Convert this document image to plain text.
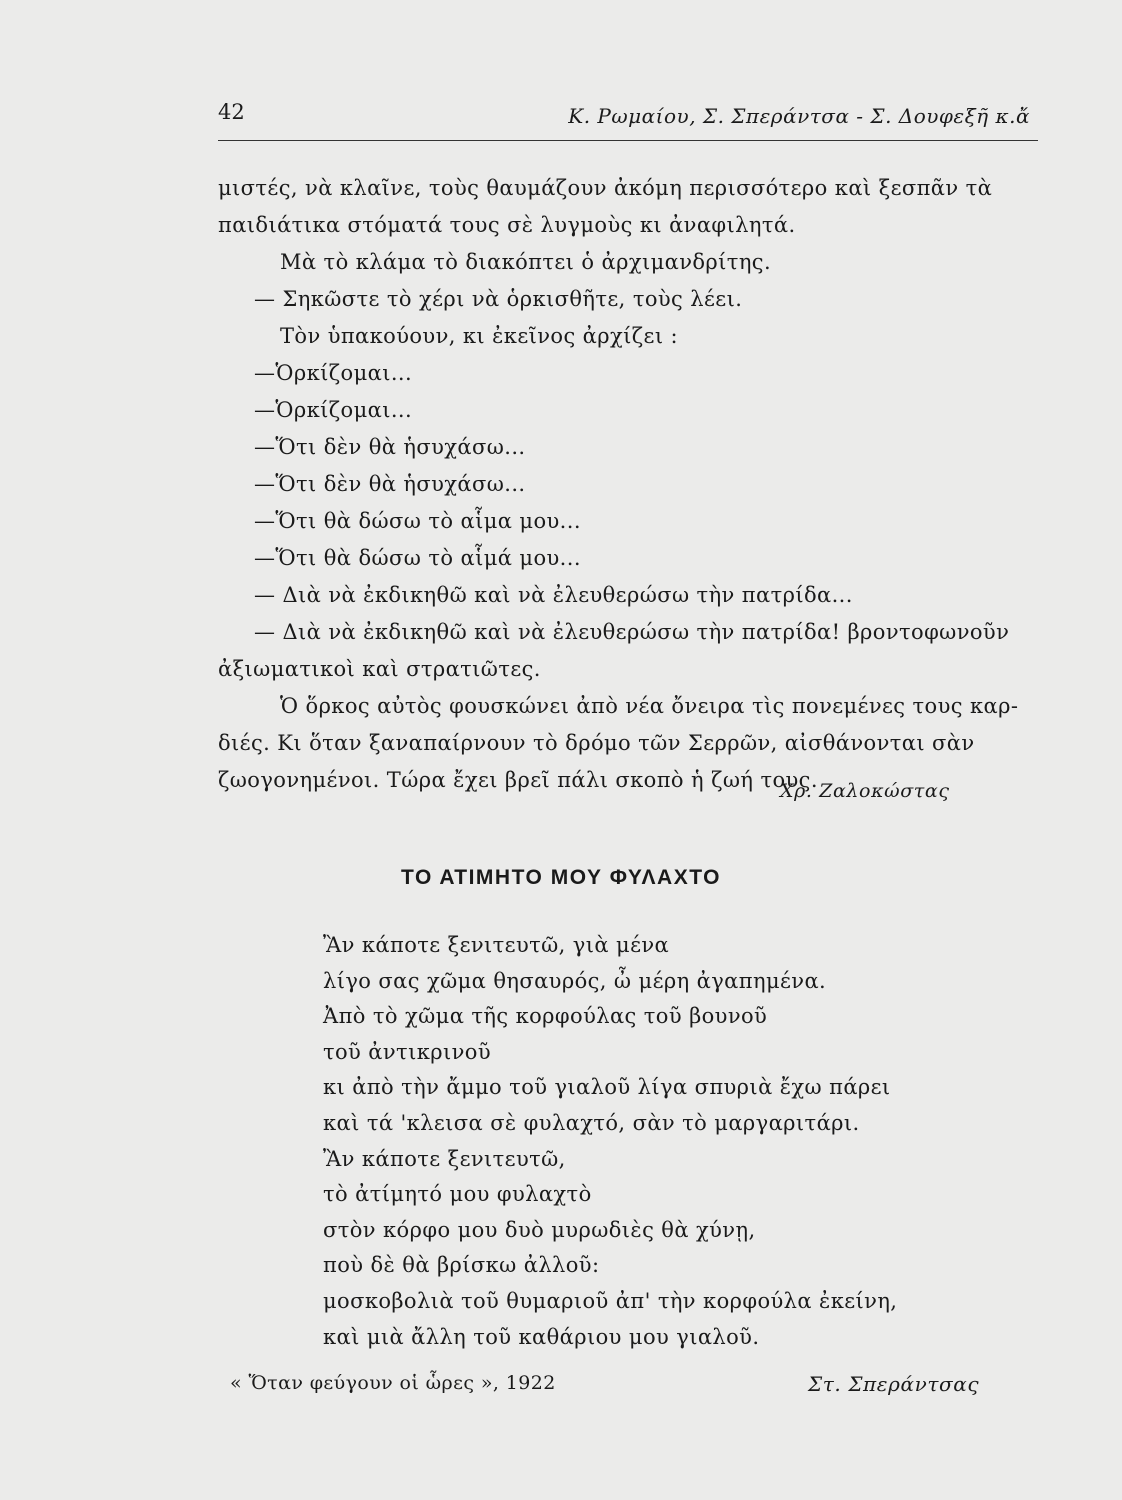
42	Κ. Ρωμαίου, Σ. Σπεράντσα - Σ. Δουφεξῆ κ.ἄ
μιστές, νὰ κλαῖνε, τοὺς θαυμάζουν ἀκόμη περισσότερο καὶ ξεσπᾶν τὰ
παιδιάτικα στόματά τους σὲ λυγμοὺς κι ἀναφιλητά.
Μὰ τὸ κλάμα τὸ διακόπτει ὁ ἀρχιμανδρίτης.
— Σηκῶστε τὸ χέρι νὰ ὁρκισθῆτε, τοὺς λέει.
Τὸν ὑπακούουν, κι ἐκεῖνος ἀρχίζει :
—Ὁρκίζομαι...
—Ὁρκίζομαι...
—Ὅτι δὲν θὰ ἡσυχάσω...
—Ὅτι δὲν θὰ ἡσυχάσω...
—Ὅτι θὰ δώσω τὸ αἷμα μου...
—Ὅτι θὰ δώσω τὸ αἷμά μου...
— Διὰ νὰ ἐκδικηθῶ καὶ νὰ ἐλευθερώσω τὴν πατρίδα...
— Διὰ νὰ ἐκδικηθῶ καὶ νὰ ἐλευθερώσω τὴν πατρίδα! βροντοφωνοῦν
ἀξιωματικοὶ καὶ στρατιῶτες.
Ὁ ὅρκος αὐτὸς φουσκώνει ἀπὸ νέα ὄνειρα τὶς πονεμένες τους καρ-
διές. Κι ὅταν ξαναπαίρνουν τὸ δρόμο τῶν Σερρῶν, αἰσθάνονται σὰν
ζωογονημένοι. Τώρα ἔχει βρεῖ πάλι σκοπὸ ἡ ζωή τους.
Χρ. Ζαλοκώστας
ΤΟ ΑΤΙΜΗΤΟ ΜΟΥ ΦΥΛΑΧΤΟ
Ἂν κάποτε ξενιτευτῶ, γιὰ μένα
λίγο σας χῶμα θησαυρός, ὦ μέρη ἀγαπημένα.
Ἀπὸ τὸ χῶμα τῆς κορφούλας τοῦ βουνοῦ
τοῦ ἀντικρινοῦ
κι ἀπὸ τὴν ἄμμο τοῦ γιαλοῦ λίγα σπυριὰ ἔχω πάρει
καὶ τά 'κλεισα σὲ φυλαχτό, σὰν τὸ μαργαριτάρι.
Ἂν κάποτε ξενιτευτῶ,
τὸ ἀτίμητό μου φυλαχτὸ
στὸν κόρφο μου δυὸ μυρωδιὲς θὰ χύνῃ,
ποὺ δὲ θὰ βρίσκω ἀλλοῦ:
μοσκοβολιὰ τοῦ θυμαριοῦ ἀπ' τὴν κορφούλα ἐκείνη,
καὶ μιὰ ἄλλη τοῦ καθάριου μου γιαλοῦ.
« Ὅταν φεύγουν οἱ ὧρες », 1922	Στ. Σπεράντσας
